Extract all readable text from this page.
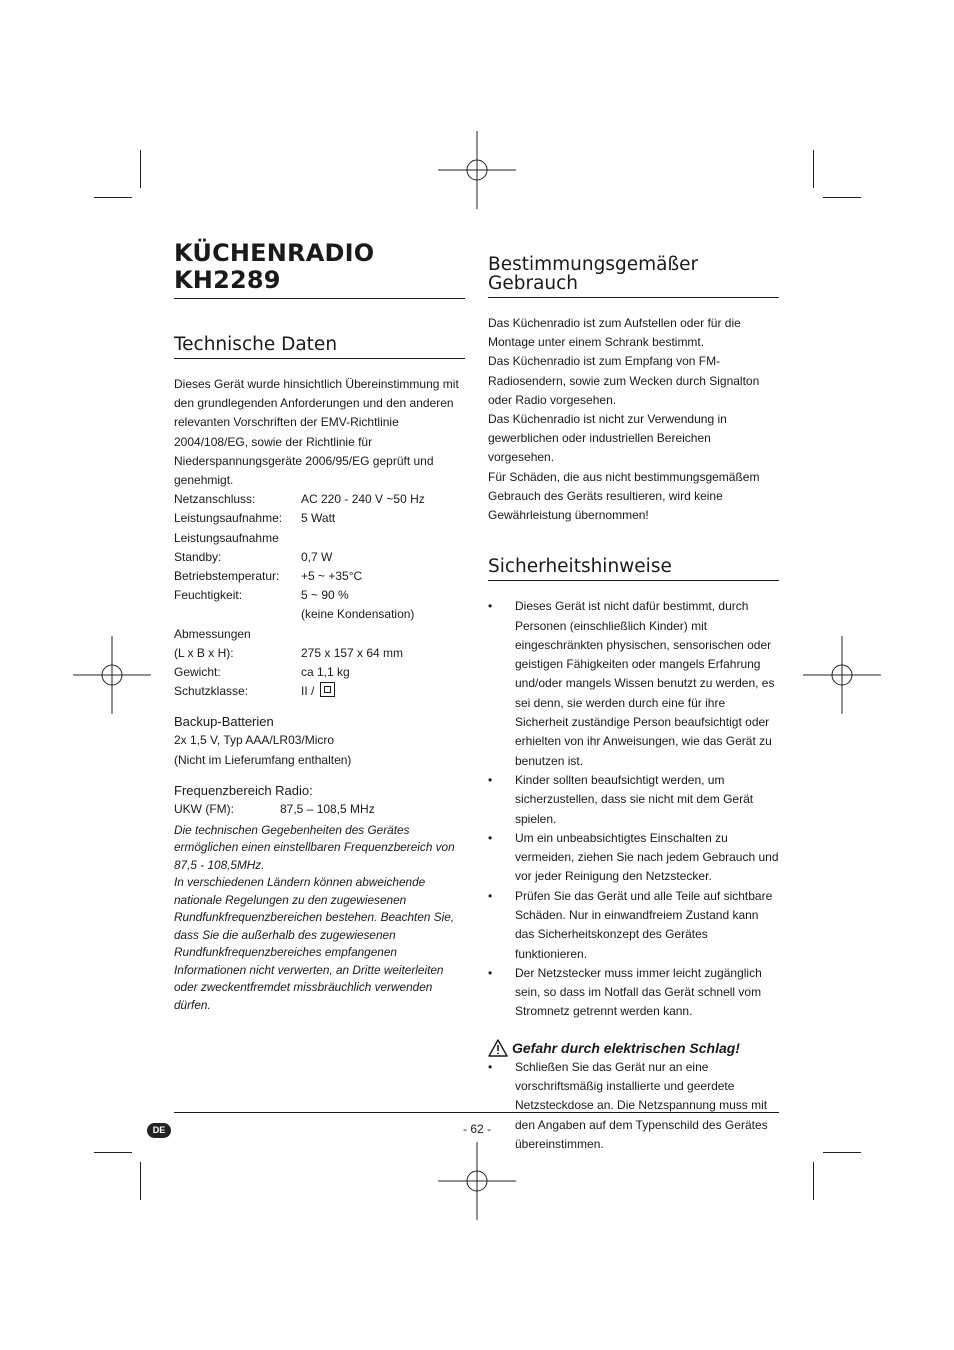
KÜCHENRADIO
KH2289
Technische Daten

Dieses Gerät wurde hinsichtlich Übereinstimmung mit den grundlegenden Anforderungen und den anderen relevanten Vorschriften der EMV-Richtlinie 2004/108/EG, sowie der Richtlinie für Niederspannungsgeräte 2006/95/EG geprüft und genehmigt.

Netzanschluss:	AC 220 - 240 V ~50 Hz
Leistungsaufnahme:	5 Watt
Leistungsaufnahme
Standby:	0,7 W
Betriebstemperatur:	+5 ~ +35°C
Feuchtigkeit:	5 ~ 90 %
(keine Kondensation)
Abmessungen
(L x B x H):	275 x 157 x 64 mm
Gewicht:	ca 1,1 kg
Schutzklasse:	II /
Backup-Batterien

2x 1,5 V, Typ AAA/LR03/Micro

(Nicht im Lieferumfang enthalten)

Frequenzbereich Radio:
UKW (FM):	87,5 – 108,5 MHz

Die technischen Gegebenheiten des Gerätes ermöglichen einen einstellbaren Frequenzbereich von 87,5 - 108,5MHz.

In verschiedenen Ländern können abweichende nationale Regelungen zu den zugewiesenen Rundfunkfrequenzbereichen bestehen. Beachten Sie, dass Sie die außerhalb des zugewiesenen Rundfunkfrequenzbereiches empfangenen Informationen nicht verwerten, an Dritte weiterleiten oder zweckentfremdet missbräuchlich verwenden dürfen.

Bestimmungsgemäßer
Gebrauch

Das Küchenradio ist zum Aufstellen oder für die Montage unter einem Schrank bestimmt.

Das Küchenradio ist zum Empfang von FM-Radiosendern, sowie zum Wecken durch Signalton oder Radio vorgesehen.

Das Küchenradio ist nicht zur Verwendung in gewerblichen oder industriellen Bereichen vorgesehen.

Für Schäden, die aus nicht bestimmungsgemäßem Gebrauch des Geräts resultieren, wird keine Gewährleistung übernommen!

Sicherheitshinweise
• Dieses Gerät ist nicht dafür bestimmt, durch Personen (einschließlich Kinder) mit eingeschränkten physischen, sensorischen oder geistigen Fähigkeiten oder mangels Erfahrung und/oder mangels Wissen benutzt zu werden, es sei denn, sie werden durch eine für ihre Sicherheit zuständige Person beaufsichtigt oder erhielten von ihr Anweisungen, wie das Gerät zu benutzen ist.
• Kinder sollten beaufsichtigt werden, um sicherzustellen, dass sie nicht mit dem Gerät spielen.
• Um ein unbeabsichtigtes Einschalten zu vermeiden, ziehen Sie nach jedem Gebrauch und vor jeder Reinigung den Netzstecker.
• Prüfen Sie das Gerät und alle Teile auf sichtbare Schäden. Nur in einwandfreiem Zustand kann das Sicherheitskonzept des Gerätes funktionieren.
• Der Netzstecker muss immer leicht zugänglich sein, so dass im Notfall das Gerät schnell vom Stromnetz getrennt werden kann.
Gefahr durch elektrischen Schlag!
• Schließen Sie das Gerät nur an eine vorschriftsmäßig installierte und geerdete Netzsteckdose an. Die Netzspannung muss mit den Angaben auf dem Typenschild des Gerätes übereinstimmen.
DE	- 62 -
